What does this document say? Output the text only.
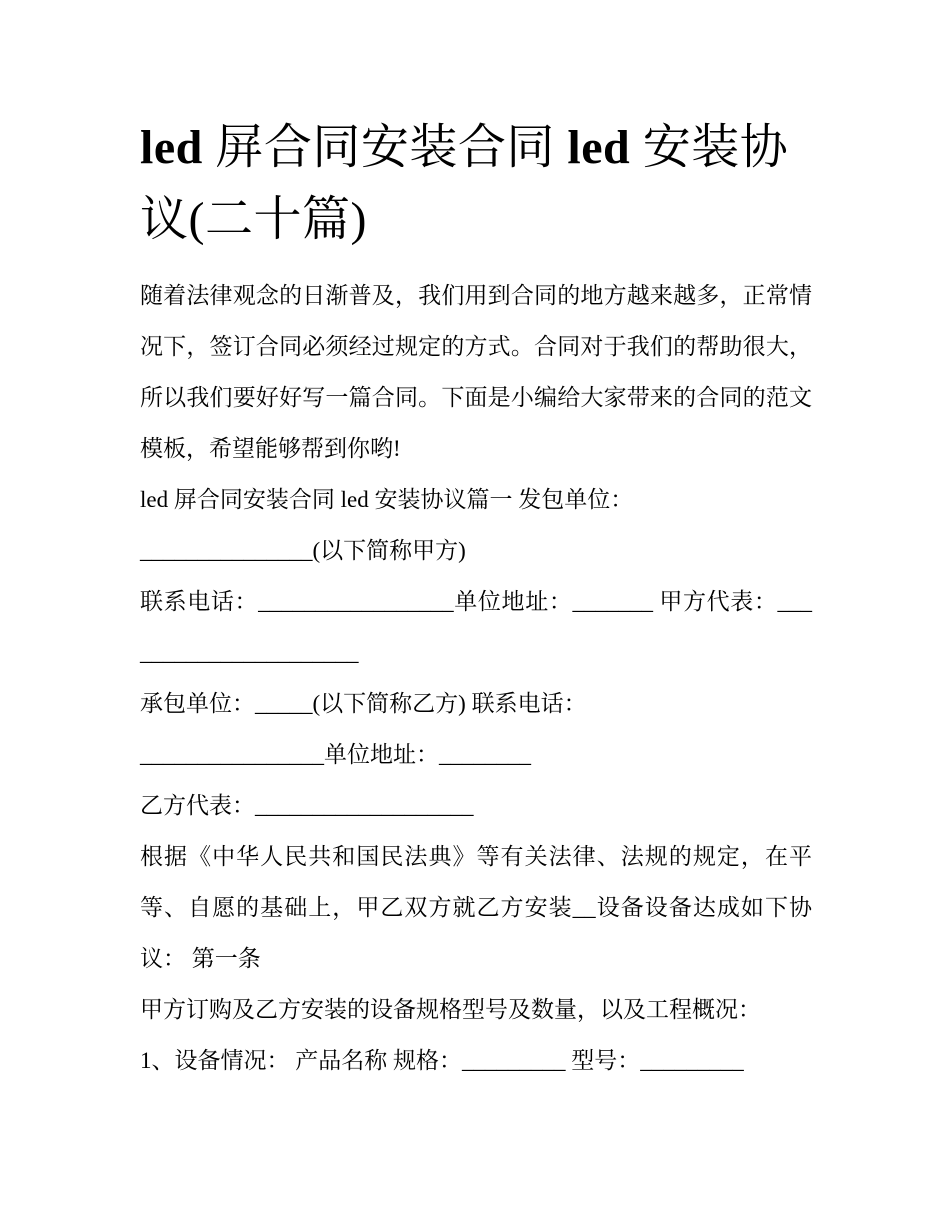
led 屏合同安装合同 led 安装协议(二十篇)

随着法律观念的日渐普及，我们用到合同的地方越来越多，正常情况下，签订合同必须经过规定的方式。合同对于我们的帮助很大，所以我们要好好写一篇合同。下面是小编给大家带来的合同的范文模板，希望能够帮到你哟!

led 屏合同安装合同 led 安装协议篇一 发包单位：

_______________(以下简称甲方)

联系电话：_________________单位地址：_______ 甲方代表：______________________

承包单位：_____(以下简称乙方) 联系电话：

________________单位地址：________

乙方代表：___________________

根据《中华人民共和国民法典》等有关法律、法规的规定，在平等、自愿的基础上，甲乙双方就乙方安装__设备设备达成如下协议： 第一条

甲方订购及乙方安装的设备规格型号及数量，以及工程概况：

1、设备情况： 产品名称 规格：_________ 型号：_________
